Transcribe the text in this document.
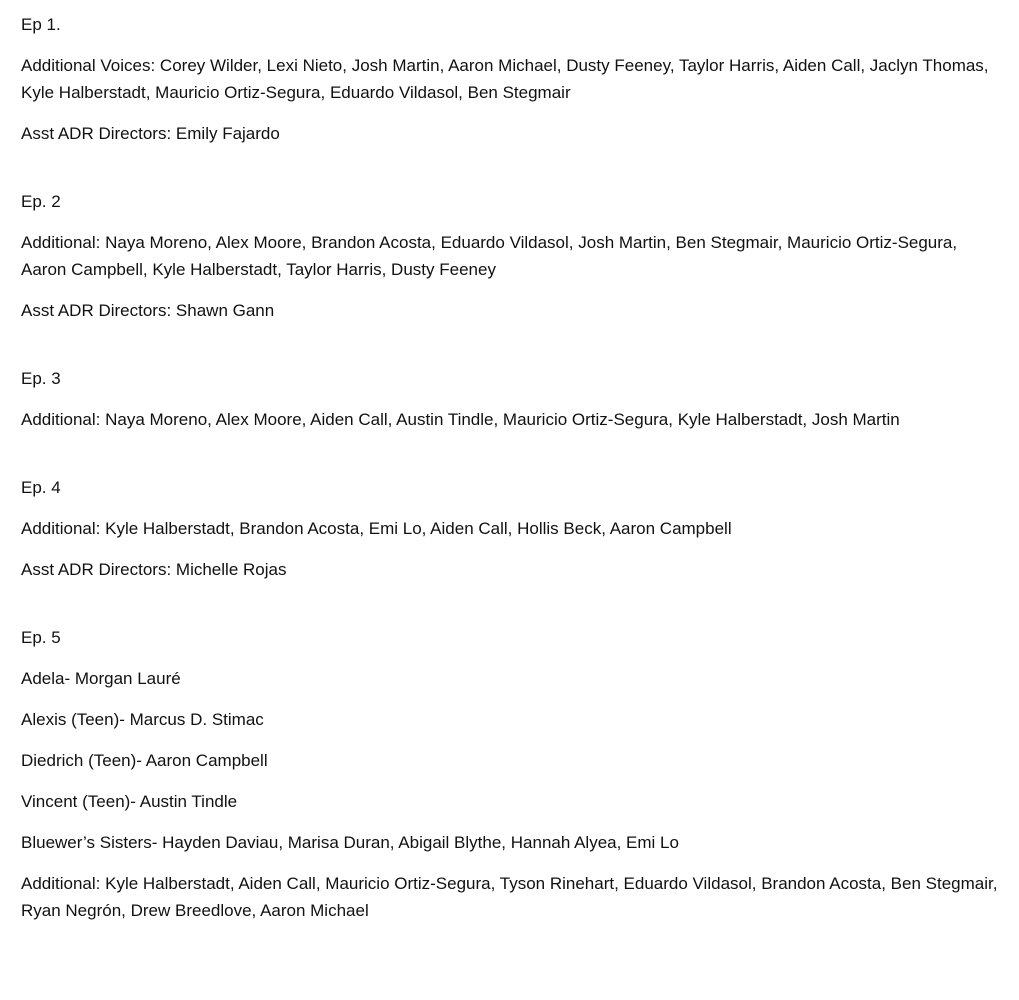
Ep 1.

Additional Voices: Corey Wilder, Lexi Nieto, Josh Martin, Aaron Michael, Dusty Feeney, Taylor Harris, Aiden Call, Jaclyn Thomas, Kyle Halberstadt, Mauricio Ortiz-Segura, Eduardo Vildasol, Ben Stegmair

Asst ADR Directors: Emily Fajardo

Ep. 2

Additional: Naya Moreno, Alex Moore, Brandon Acosta, Eduardo Vildasol, Josh Martin, Ben Stegmair, Mauricio Ortiz-Segura, Aaron Campbell, Kyle Halberstadt, Taylor Harris, Dusty Feeney

Asst ADR Directors: Shawn Gann

Ep. 3

Additional: Naya Moreno, Alex Moore, Aiden Call, Austin Tindle, Mauricio Ortiz-Segura, Kyle Halberstadt, Josh Martin

Ep. 4

Additional: Kyle Halberstadt, Brandon Acosta, Emi Lo, Aiden Call, Hollis Beck, Aaron Campbell

Asst ADR Directors: Michelle Rojas

Ep. 5

Adela- Morgan Lauré

Alexis (Teen)- Marcus D. Stimac

Diedrich (Teen)- Aaron Campbell

Vincent (Teen)- Austin Tindle

Bluewer’s Sisters- Hayden Daviau, Marisa Duran, Abigail Blythe, Hannah Alyea, Emi Lo

Additional: Kyle Halberstadt, Aiden Call, Mauricio Ortiz-Segura, Tyson Rinehart, Eduardo Vildasol, Brandon Acosta, Ben Stegmair, Ryan Negrón, Drew Breedlove, Aaron Michael
